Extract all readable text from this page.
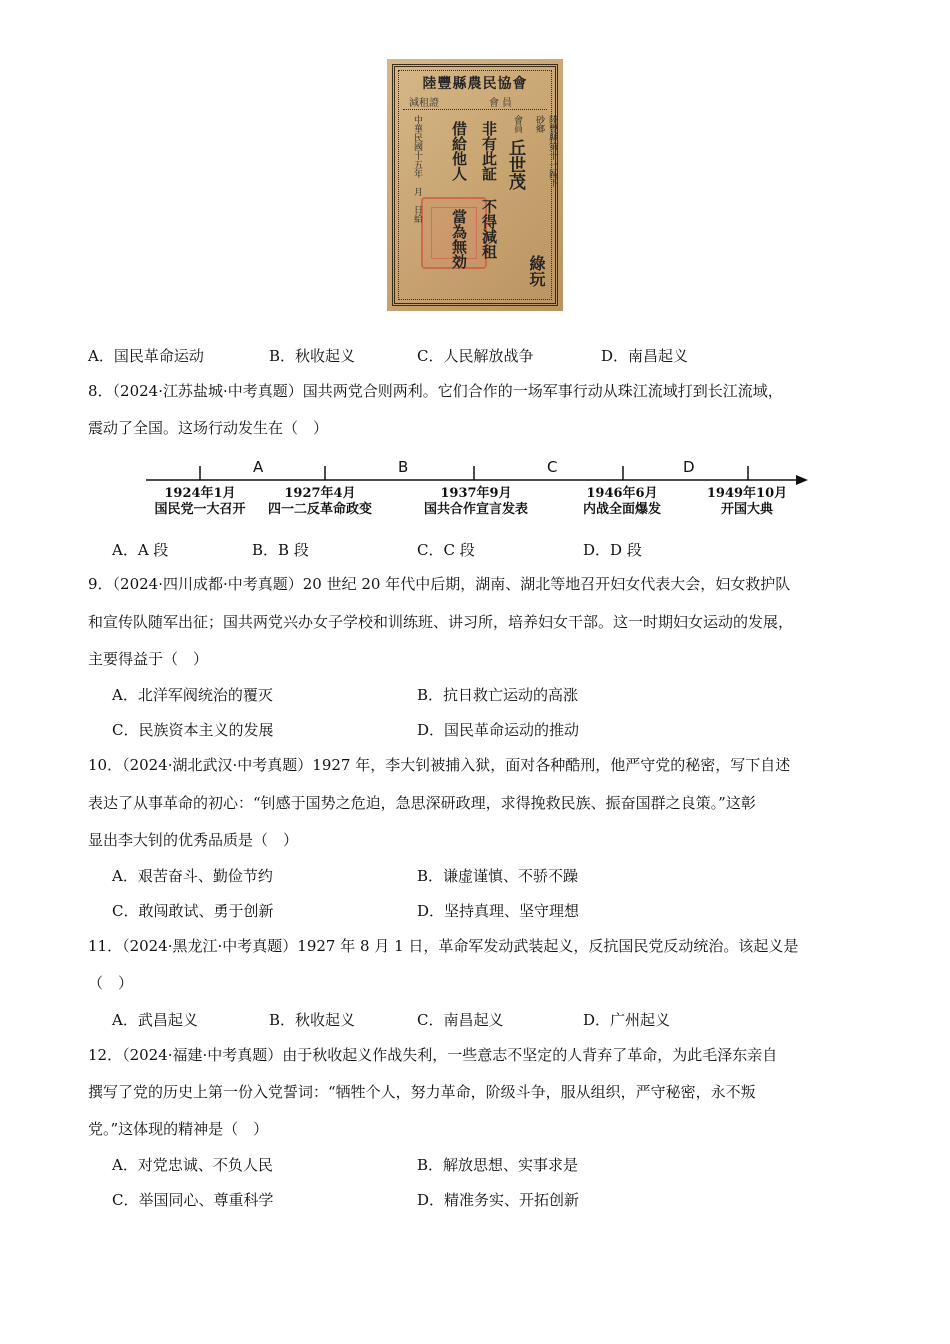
陸豐縣農民協會
減租證	會員
陸豐縣第十一區下砂鄉
綠玩
會員
丘世茂
非有此証
不得減租
借給他人
當為無効
中華民國十五年　月　日給
A．国民革命运动	B．秋收起义	C．人民解放战争	D．南昌起义
8．（2024·江苏盐城·中考真题）国共两党合则两利。它们合作的一场军事行动从珠江流域打到长江流域，
震动了全国。这场行动发生在（　）
A	B	C	D
1924年1月
国民党一大召开
1927年4月
四一二反革命政变
1937年9月
国共合作宣言发表
1946年6月
内战全面爆发
1949年10月
开国大典
A．A 段	B．B 段	C．C 段	D．D 段
9．（2024·四川成都·中考真题）20 世纪 20 年代中后期，湖南、湖北等地召开妇女代表大会，妇女救护队
和宣传队随军出征；国共两党兴办女子学校和训练班、讲习所，培养妇女干部。这一时期妇女运动的发展，
主要得益于（　）
A．北洋军阀统治的覆灭	B．抗日救亡运动的高涨
C．民族资本主义的发展	D．国民革命运动的推动
10．（2024·湖北武汉·中考真题）1927 年，李大钊被捕入狱，面对各种酷刑，他严守党的秘密，写下自述
表达了从事革命的初心：“钊感于国势之危迫，急思深研政理，求得挽救民族、振奋国群之良策。”这彰
显出李大钊的优秀品质是（　）
A．艰苦奋斗、勤俭节约	B．谦虚谨慎、不骄不躁
C．敢闯敢试、勇于创新	D．坚持真理、坚守理想
11．（2024·黑龙江·中考真题）1927 年 8 月 1 日，革命军发动武装起义，反抗国民党反动统治。该起义是
（　）
A．武昌起义	B．秋收起义	C．南昌起义	D．广州起义
12．（2024·福建·中考真题）由于秋收起义作战失利，一些意志不坚定的人背弃了革命，为此毛泽东亲自
撰写了党的历史上第一份入党誓词：“牺牲个人，努力革命，阶级斗争，服从组织，严守秘密，永不叛
党。”这体现的精神是（　）
A．对党忠诚、不负人民	B．解放思想、实事求是
C．举国同心、尊重科学	D．精准务实、开拓创新
